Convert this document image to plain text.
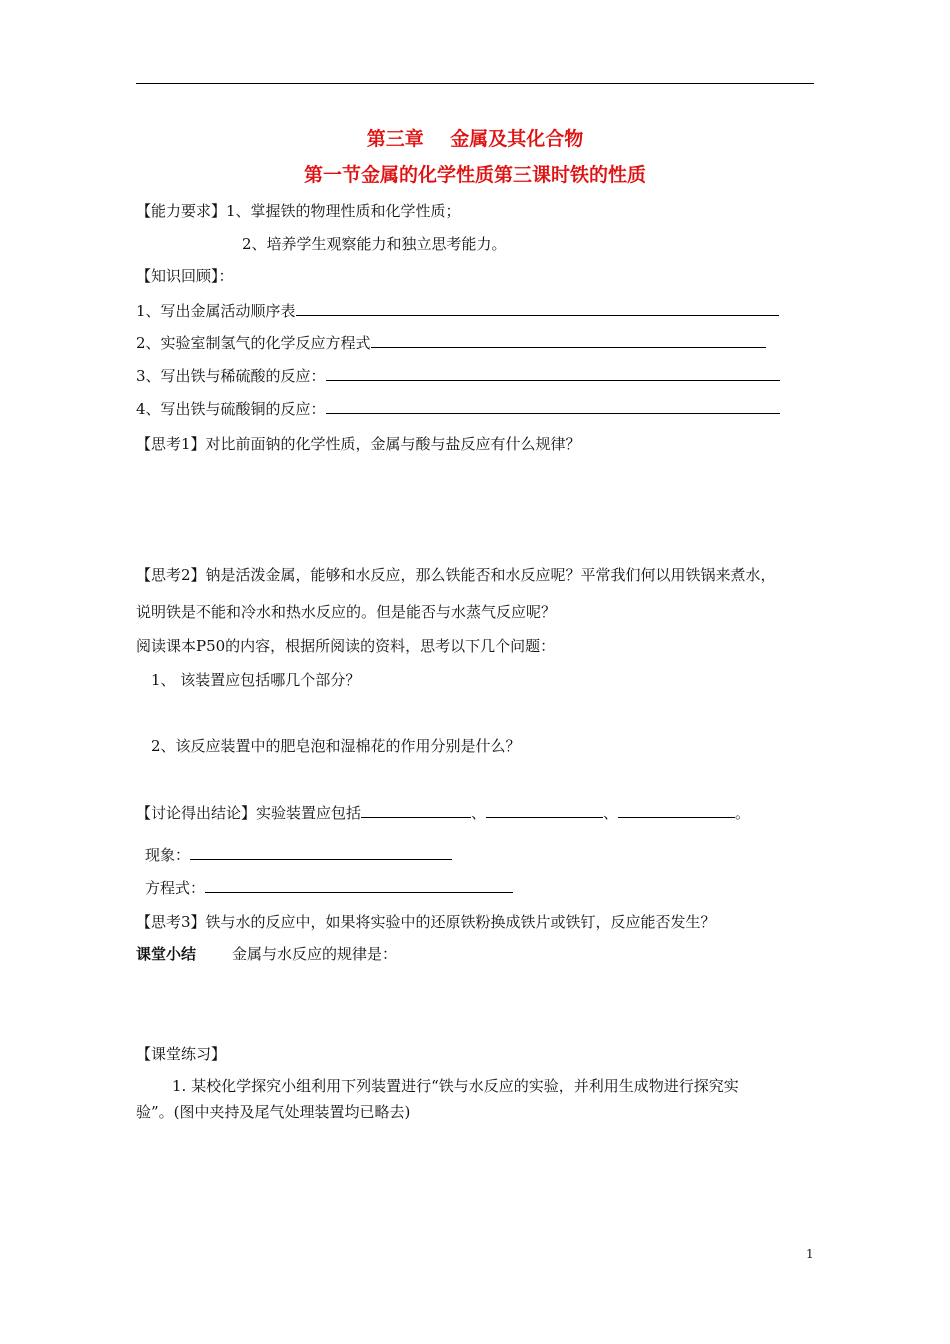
第三章    金属及其化合物
第一节金属的化学性质第三课时铁的性质
【能力要求】1、掌握铁的物理性质和化学性质；
2、培养学生观察能力和独立思考能力。
【知识回顾】：
1、写出金属活动顺序表
2、实验室制氢气的化学反应方程式
3、写出铁与稀硫酸的反应：
4、写出铁与硫酸铜的反应：
【思考1】对比前面钠的化学性质，金属与酸与盐反应有什么规律？
【思考2】钠是活泼金属，能够和水反应，那么铁能否和水反应呢？平常我们何以用铁锅来煮水，
说明铁是不能和冷水和热水反应的。但是能否与水蒸气反应呢？
阅读课本P50的内容，根据所阅读的资料，思考以下几个问题：
1、 该装置应包括哪几个部分？
2、该反应装置中的肥皂泡和湿棉花的作用分别是什么？
【讨论得出结论】实验装置应包括	、	、	。
现象：
方程式：
【思考3】铁与水的反应中，如果将实验中的还原铁粉换成铁片或铁钉，反应能否发生？
课堂小结 金属与水反应的规律是：
【课堂练习】
1. 某校化学探究小组利用下列装置进行“铁与水反应的实验，并利用生成物进行探究实
验”。(图中夹持及尾气处理装置均已略去)
1
